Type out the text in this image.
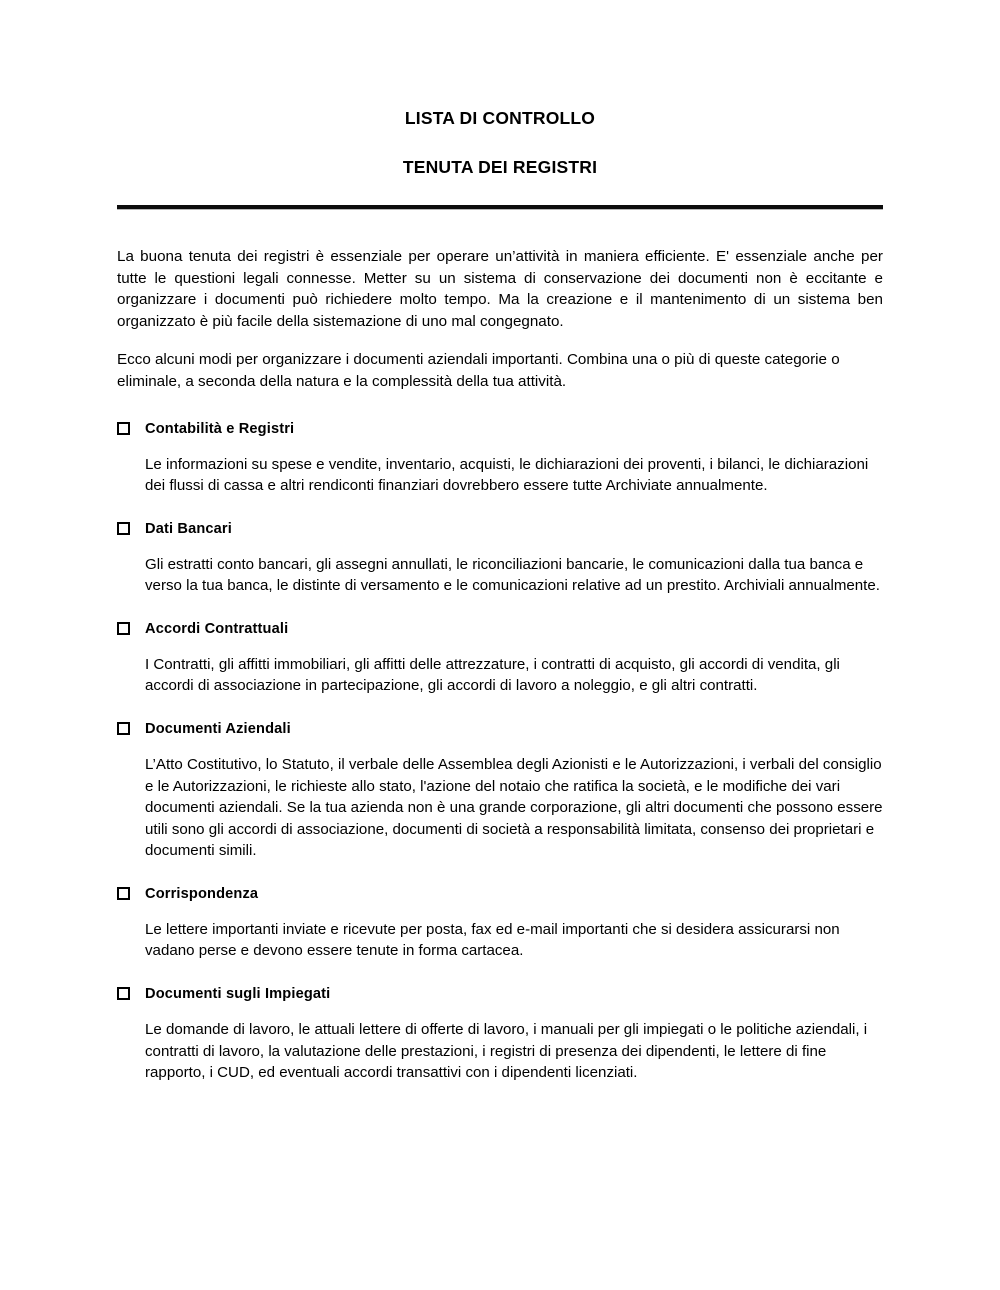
LISTA DI CONTROLLO
TENUTA DEI REGISTRI

La buona tenuta dei registri è essenziale per operare un’attività in maniera efficiente. E' essenziale anche per tutte le questioni legali connesse. Metter su un sistema di conservazione dei documenti non è eccitante e organizzare i documenti può richiedere molto tempo. Ma la creazione e il mantenimento di un sistema ben organizzato è più facile della sistemazione di uno mal congegnato.

Ecco alcuni modi per organizzare i documenti aziendali importanti. Combina una o più di queste categorie o eliminale, a seconda della natura e la complessità della tua attività.

Contabilità e Registri
Le informazioni su spese e vendite, inventario, acquisti, le dichiarazioni dei proventi, i bilanci, le dichiarazioni dei flussi di cassa e altri rendiconti finanziari dovrebbero essere tutte Archiviate annualmente.
Dati Bancari
Gli estratti conto bancari, gli assegni annullati, le riconciliazioni bancarie, le comunicazioni dalla tua banca e verso la tua banca, le distinte di versamento e le comunicazioni relative ad un prestito. Archiviali annualmente.
Accordi Contrattuali
I Contratti, gli affitti immobiliari, gli affitti delle attrezzature, i contratti di acquisto, gli accordi di vendita, gli accordi di associazione in partecipazione, gli accordi di lavoro a noleggio, e gli altri contratti.
Documenti Aziendali
L’Atto Costitutivo, lo Statuto, il verbale delle Assemblea degli Azionisti e le Autorizzazioni, i verbali del consiglio e le Autorizzazioni, le richieste allo stato, l'azione del notaio che ratifica la società, e le modifiche dei vari documenti aziendali. Se la tua azienda non è una grande corporazione, gli altri documenti che possono essere utili sono gli accordi di associazione, documenti di società a responsabilità limitata, consenso dei proprietari e documenti simili.
Corrispondenza
Le lettere importanti inviate e ricevute per posta, fax ed e-mail importanti che si desidera assicurarsi non vadano perse e devono essere tenute in forma cartacea.
Documenti sugli Impiegati
Le domande di lavoro, le attuali lettere di offerte di lavoro, i manuali per gli impiegati o le politiche aziendali, i contratti di lavoro, la valutazione delle prestazioni, i registri di presenza dei dipendenti, le lettere di fine rapporto, i CUD, ed eventuali accordi transattivi con i dipendenti licenziati.
